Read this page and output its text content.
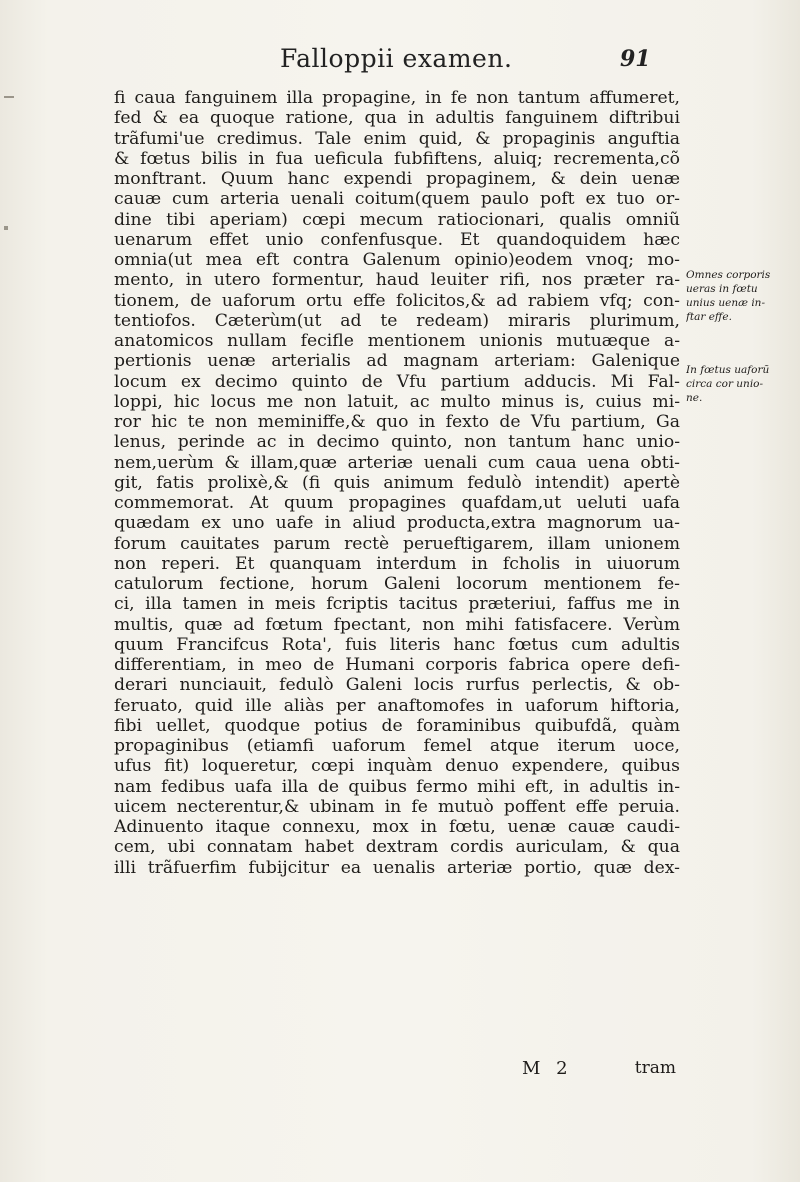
Falloppii examen.	91
fi caua fanguinem illa propagine, in fe non tantum affumeret,
fed & ea quoque ratione, qua in adultis fanguinem diftribui
trãfumi'ue credimus. Tale enim quid, & propaginis anguftia
& fœtus bilis in fua ueficula fubfiftens, aluiq; recrementa,cõ
monftrant. Quum hanc expendi propaginem, & dein uenæ
cauæ cum arteria uenali coitum(quem paulo poft ex tuo or-
dine tibi aperiam) cœpi mecum ratiocionari, qualis omniũ
uenarum effet unio confenfusque. Et quandoquidem hæc
omnia(ut mea eft contra Galenum opinio)eodem vnoq; mo-
mento, in utero formentur, haud leuiter rifi, nos præter ra-
tionem, de uaforum ortu effe folicitos,& ad rabiem vfq; con-
tentiofos. Cæterùm(ut ad te redeam) miraris plurimum,
anatomicos nullam fecifle mentionem unionis mutuæque a-
pertionis uenæ arterialis ad magnam arteriam: Galenique
locum ex decimo quinto de Vfu partium adducis. Mi Fal-
loppi, hic locus me non latuit, ac multo minus is, cuius mi-
ror hic te non meminiffe,& quo in fexto de Vfu partium, Ga
lenus, perinde ac in decimo quinto, non tantum hanc unio-
nem,uerùm & illam,quæ arteriæ uenali cum caua uena obti-
git, fatis prolixè,& (fi quis animum fedulò intendit) apertè
commemorat. At quum propagines quafdam,ut ueluti uafa
quædam ex uno uafe in aliud producta,extra magnorum ua-
forum cauitates parum rectè perueftigarem, illam unionem
non reperi. Et quanquam interdum in fcholis in uiuorum
catulorum fectione, horum Galeni locorum mentionem fe-
ci, illa tamen in meis fcriptis tacitus præteriui, faffus me in
multis, quæ ad fœtum fpectant, non mihi fatisfacere. Verùm
quum Francifcus Rota', fuis literis hanc fœtus cum adultis
differentiam, in meo de Humani corporis fabrica opere defi-
derari nunciauit, fedulò Galeni locis rurfus perlectis, & ob-
feruato, quid ille aliàs per anaftomofes in uaforum hiftoria,
fibi uellet, quodque potius de foraminibus quibufdã, quàm
propaginibus (etiamfi uaforum femel atque iterum uoce,
ufus fit) loqueretur, cœpi inquàm denuo expendere, quibus
nam fedibus uafa illa de quibus fermo mihi eft, in adultis in-
uicem necterentur,& ubinam in fe mutuò poffent effe peruia.
Adinuento itaque connexu, mox in fœtu, uenæ cauæ caudi-
cem, ubi connatam habet dextram cordis auriculam, & qua
illi trãfuerfim fubijcitur ea uenalis arteriæ portio, quæ dex-
Omnes corporis
ueras in fœtu
unius uenæ in-
ftar effe.
In fœtus uaforũ
circa cor unio-
ne.
M 2	tram
